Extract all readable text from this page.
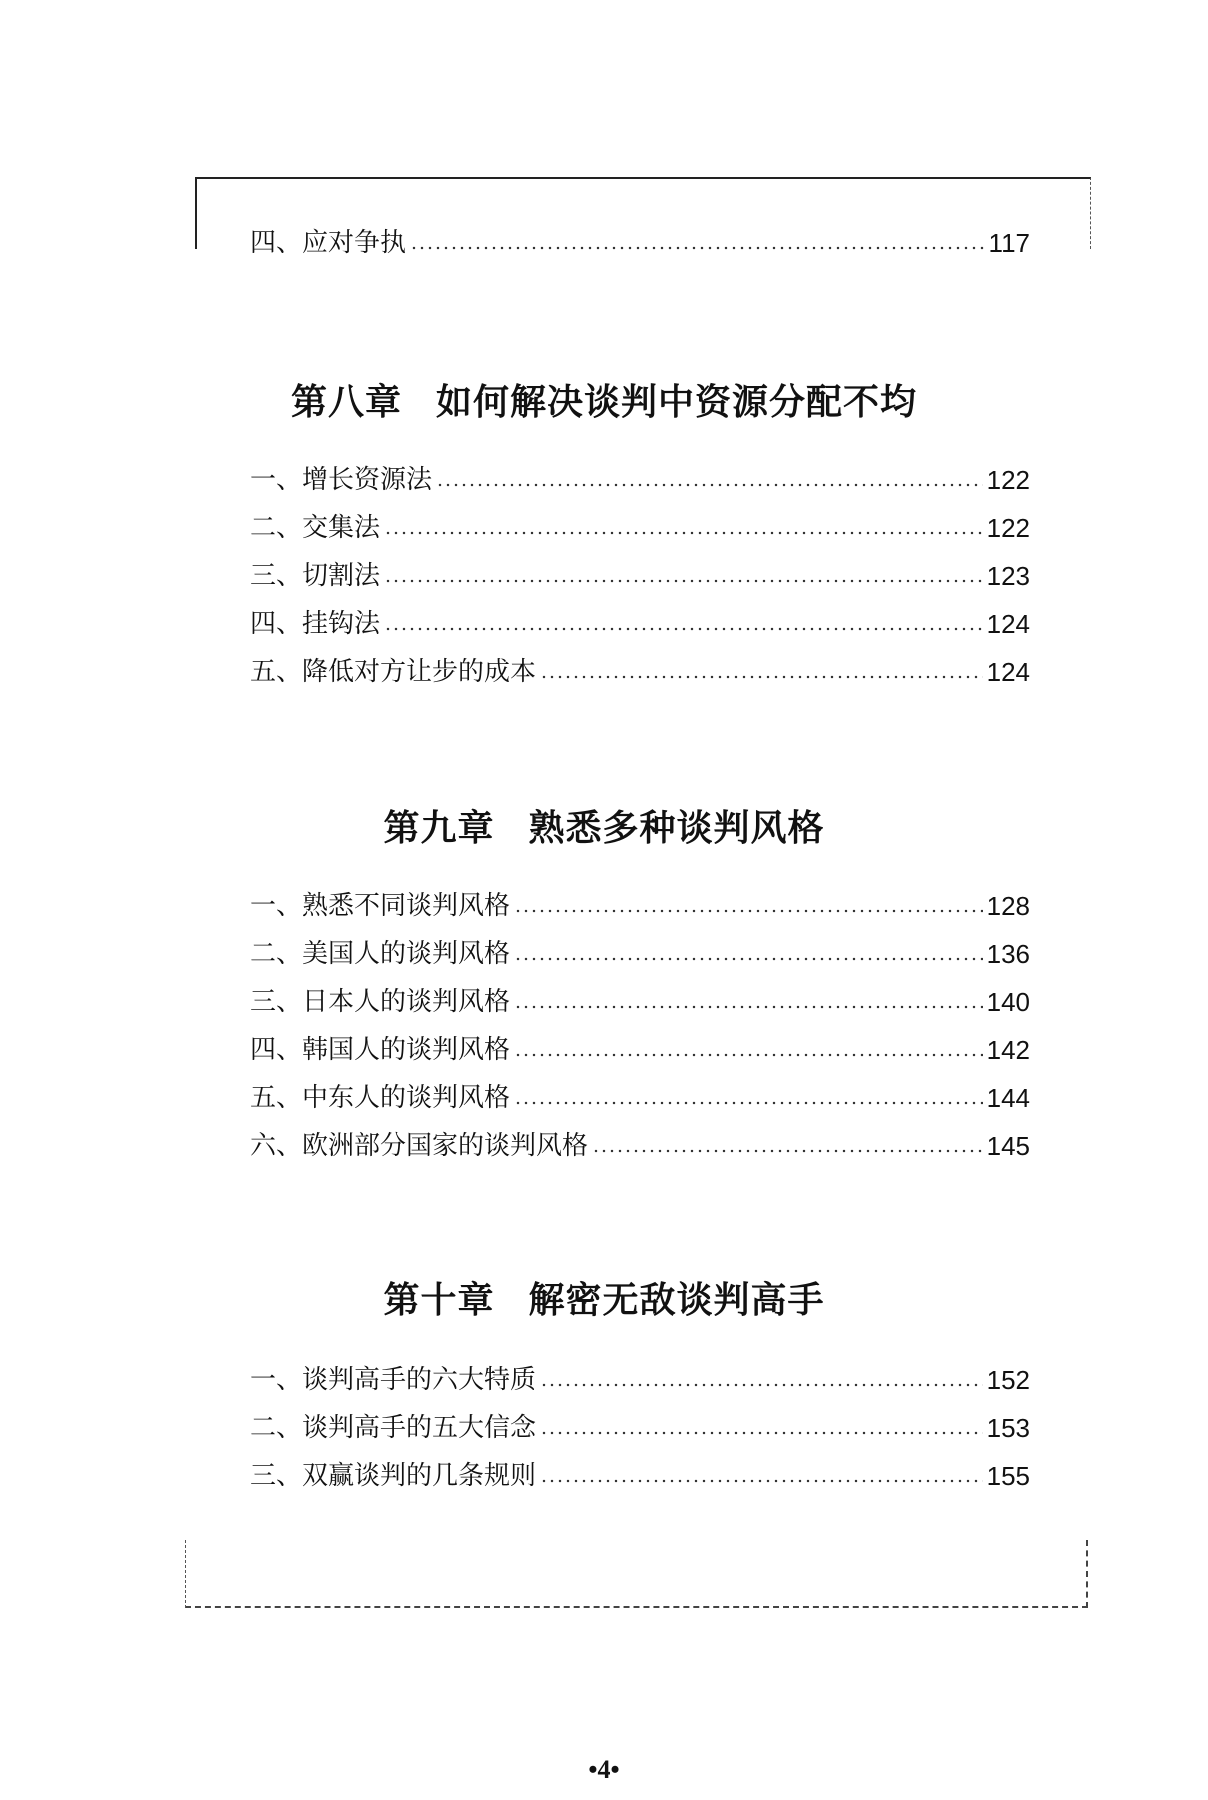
四、应对争执	117
第八章 如何解决谈判中资源分配不均
一、增长资源法	122
二、交集法	122
三、切割法	123
四、挂钩法	124
五、降低对方让步的成本	124
第九章 熟悉多种谈判风格
一、熟悉不同谈判风格	128
二、美国人的谈判风格	136
三、日本人的谈判风格	140
四、韩国人的谈判风格	142
五、中东人的谈判风格	144
六、欧洲部分国家的谈判风格	145
第十章 解密无敌谈判高手
一、谈判高手的六大特质	152
二、谈判高手的五大信念	153
三、双赢谈判的几条规则	155
•4•
